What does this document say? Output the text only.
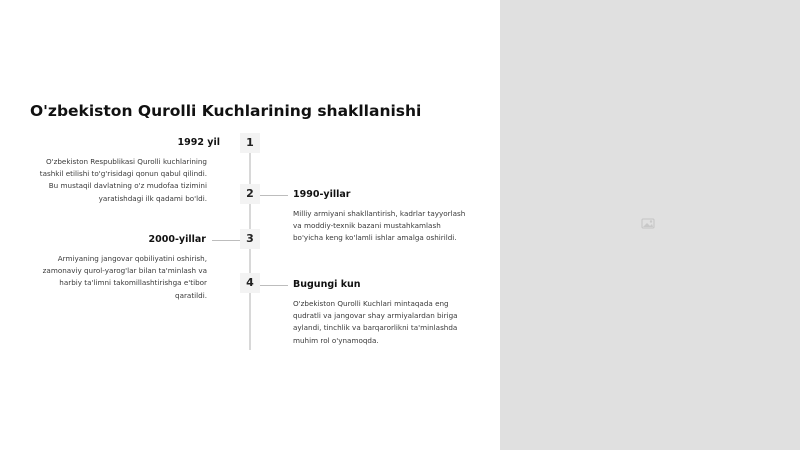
O'zbekiston Qurolli Kuchlarining shakllanishi
1
1992 yil

O'zbekiston Respublikasi Qurolli kuchlarining tashkil etilishi to'g'risidagi qonun qabul qilindi. Bu mustaqil davlatning o'z mudofaa tizimini yaratishdagi ilk qadami bo'ldi.	2	1990-yillar

Milliy armiyani shakllantirish, kadrlar tayyorlash va moddiy-texnik bazani mustahkamlash bo'yicha keng ko'lamli ishlar amalga oshirildi.

3
2000-yillar

Armiyaning jangovar qobiliyatini oshirish, zamonaviy qurol-yarog'lar bilan ta'minlash va harbiy ta'limni takomillashtirishga e'tibor qaratildi.

4	Bugungi kun

O'zbekiston Qurolli Kuchlari mintaqada eng qudratli va jangovar shay armiyalardan biriga aylandi, tinchlik va barqarorlikni ta'minlashda muhim rol o'ynamoqda.
